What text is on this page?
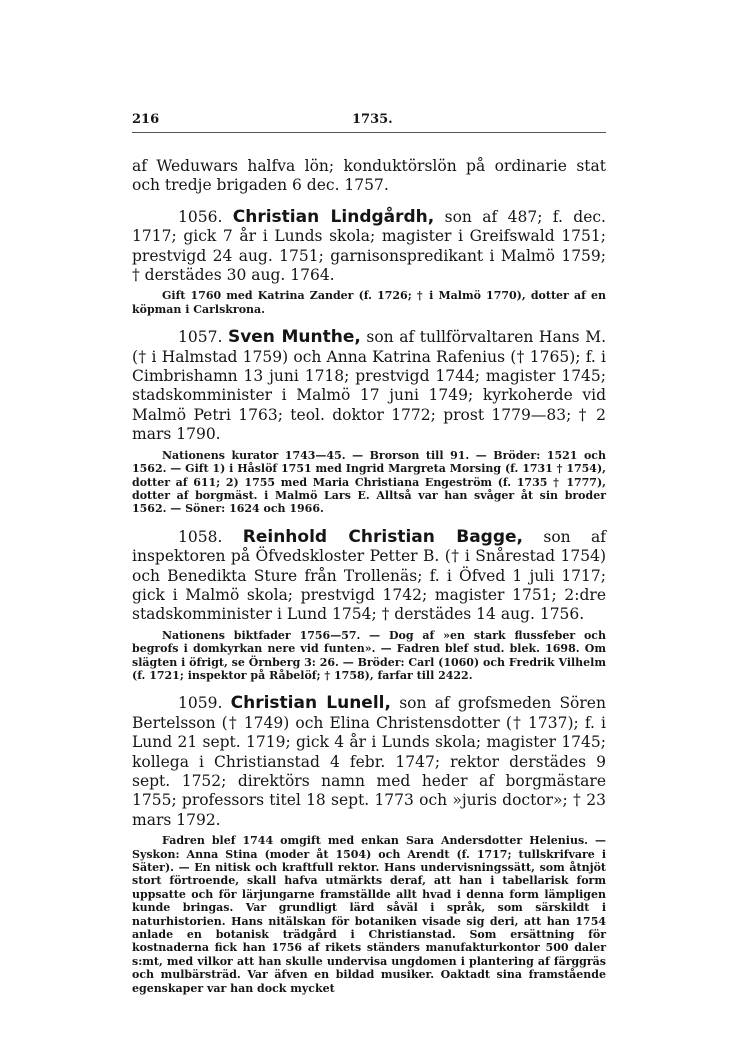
216	1735.

af Weduwars halfva lön; konduktörslön på ordinarie stat och tredje brigaden 6 dec. 1757.

1056. Christian Lindgårdh, son af 487; f. dec. 1717; gick 7 år i Lunds skola; magister i Greifswald 1751; prestvigd 24 aug. 1751; garnisonspredikant i Malmö 1759; † derstädes 30 aug. 1764.

Gift 1760 med Katrina Zander (f. 1726; † i Malmö 1770), dotter af en köpman i Carlskrona.

1057. Sven Munthe, son af tullförvaltaren Hans M. († i Halmstad 1759) och Anna Katrina Rafenius († 1765); f. i Cimbrishamn 13 juni 1718; prestvigd 1744; magister 1745; stadskomminister i Malmö 17 juni 1749; kyrkoherde vid Malmö Petri 1763; teol. doktor 1772; prost 1779—83; † 2 mars 1790.

Nationens kurator 1743—45. — Brorson till 91. — Bröder: 1521 och 1562. — Gift 1) i Håslöf 1751 med Ingrid Margreta Morsing (f. 1731 † 1754), dotter af 611; 2) 1755 med Maria Christiana Engeström (f. 1735 † 1777), dotter af borgmäst. i Malmö Lars E. Alltså var han svåger åt sin broder 1562. — Söner: 1624 och 1966.

1058. Reinhold Christian Bagge, son af inspektoren på Öfvedskloster Petter B. († i Snårestad 1754) och Benedikta Sture från Trollenäs; f. i Öfved 1 juli 1717; gick i Malmö skola; prestvigd 1742; magister 1751; 2:dre stadskomminister i Lund 1754; † derstädes 14 aug. 1756.

Nationens biktfader 1756—57. — Dog af »en stark flussfeber och begrofs i domkyrkan nere vid funten». — Fadren blef stud. blek. 1698. Om slägten i öfrigt, se Örnberg 3: 26. — Bröder: Carl (1060) och Fredrik Vilhelm (f. 1721; inspektor på Råbelöf; † 1758), farfar till 2422.

1059. Christian Lunell, son af grofsmeden Sören Bertelsson († 1749) och Elina Christensdotter († 1737); f. i Lund 21 sept. 1719; gick 4 år i Lunds skola; magister 1745; kollega i Christianstad 4 febr. 1747; rektor derstädes 9 sept. 1752; direktörs namn med heder af borgmästare 1755; professors titel 18 sept. 1773 och »juris doctor»; † 23 mars 1792.

Fadren blef 1744 omgift med enkan Sara Andersdotter Helenius. — Syskon: Anna Stina (moder åt 1504) och Arendt (f. 1717; tullskrifvare i Säter). — En nitisk och kraftfull rektor. Hans undervisningssätt, som åtnjöt stort förtroende, skall hafva utmärkts deraf, att han i tabellarisk form uppsatte och för lärjungarne framställde allt hvad i denna form lämpligen kunde bringas. Var grundligt lärd såväl i språk, som särskildt i naturhistorien. Hans nitälskan för botaniken visade sig deri, att han 1754 anlade en botanisk trädgård i Christianstad. Som ersättning för kostnaderna fick han 1756 af rikets ständers manufakturkontor 500 daler s:mt, med vilkor att han skulle undervisa ungdomen i plantering af färggräs och mulbärsträd. Var äfven en bildad musiker. Oaktadt sina framstående egenskaper var han dock mycket
